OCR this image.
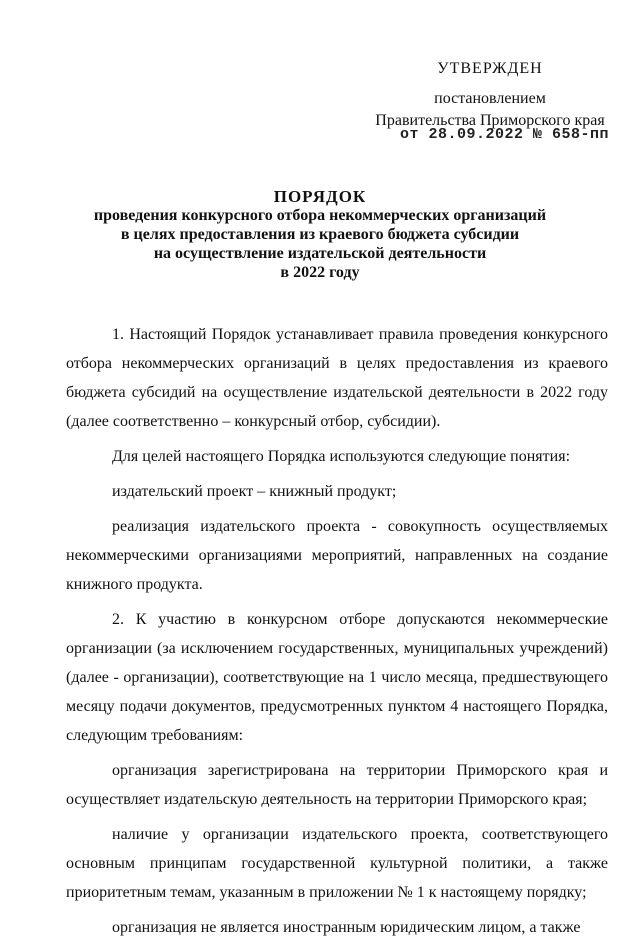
УТВЕРЖДЕН
постановлением
Правительства Приморского края
от 28.09.2022 № 658-пп
ПОРЯДОК
проведения конкурсного отбора некоммерческих организаций
в целях предоставления из краевого бюджета субсидии
на осуществление издательской деятельности
в 2022 году

1. Настоящий Порядок устанавливает правила проведения конкурсного отбора некоммерческих организаций в целях предоставления из краевого бюджета субсидий на осуществление издательской деятельности в 2022 году (далее соответственно – конкурсный отбор, субсидии).

Для целей настоящего Порядка используются следующие понятия:

издательский проект – книжный продукт;

реализация издательского проекта - совокупность осуществляемых некоммерческими организациями мероприятий, направленных на создание книжного продукта.

2. К участию в конкурсном отборе допускаются некоммерческие организации (за исключением государственных, муниципальных учреждений) (далее - организации), соответствующие на 1 число месяца, предшествующего месяцу подачи документов, предусмотренных пунктом 4 настоящего Порядка, следующим требованиям:

организация зарегистрирована на территории Приморского края и осуществляет издательскую деятельность на территории Приморского края;

наличие у организации издательского проекта, соответствующего основным принципам государственной культурной политики, а также приоритетным темам, указанным в приложении № 1 к настоящему порядку;

организация не является иностранным юридическим лицом, а также
